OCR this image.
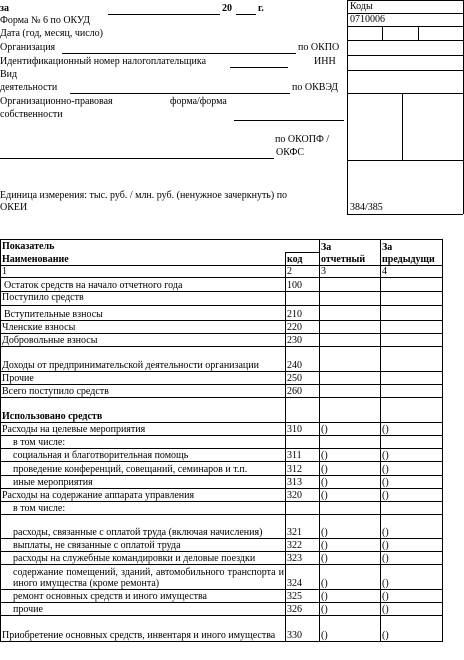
за	20	г.	Коды
Форма № 6 по ОКУД	0710006
Дата (год, месяц, число)
Организация	по ОКПО
Идентификационный номер налогоплательщика	ИНН
Вид
деятельности	по ОКВЭД
Организационно-правовая	форма/форма
собственности
по ОКОПФ /
ОКФС
Единица измерения: тыс. руб. / млн. руб. (ненужное зачеркнуть) по
ОКЕИ	384/385
Показатель		За	За
Наименование	код	отчетный	предыдущи
1	2	3	4
Остаток средств на начало отчетного года	100		
Поступило средств			
Вступительные взносы	210		
Членские взносы	220		
Добровольные взносы	230		
Доходы от предпринимательской деятельности организации	240		
Прочие	250		
Всего поступило средств	260		
Использовано средств			
Расходы на целевые мероприятия	310	()	()
в том числе:			
социальная и благотворительная помощь	311	()	()
проведение конференций, совещаний, семинаров и т.п.	312	()	()
иные мероприятия	313	()	()
Расходы на содержание аппарата управления	320	()	()
в том числе:			
расходы, связанные с оплатой труда (включая начисления)	321	()	()
выплаты, не связанные с оплатой труда	322	()	()
расходы на служебные командировки и деловые поездки	323	()	()
содержание помещений, зданий, автомобильного транспорта и иного имущества (кроме ремонта)	324	()	()
ремонт основных средств и иного имущества	325	()	()
прочие	326	()	()
Приобретение основных средств, инвентаря и иного имущества	330	()	()
